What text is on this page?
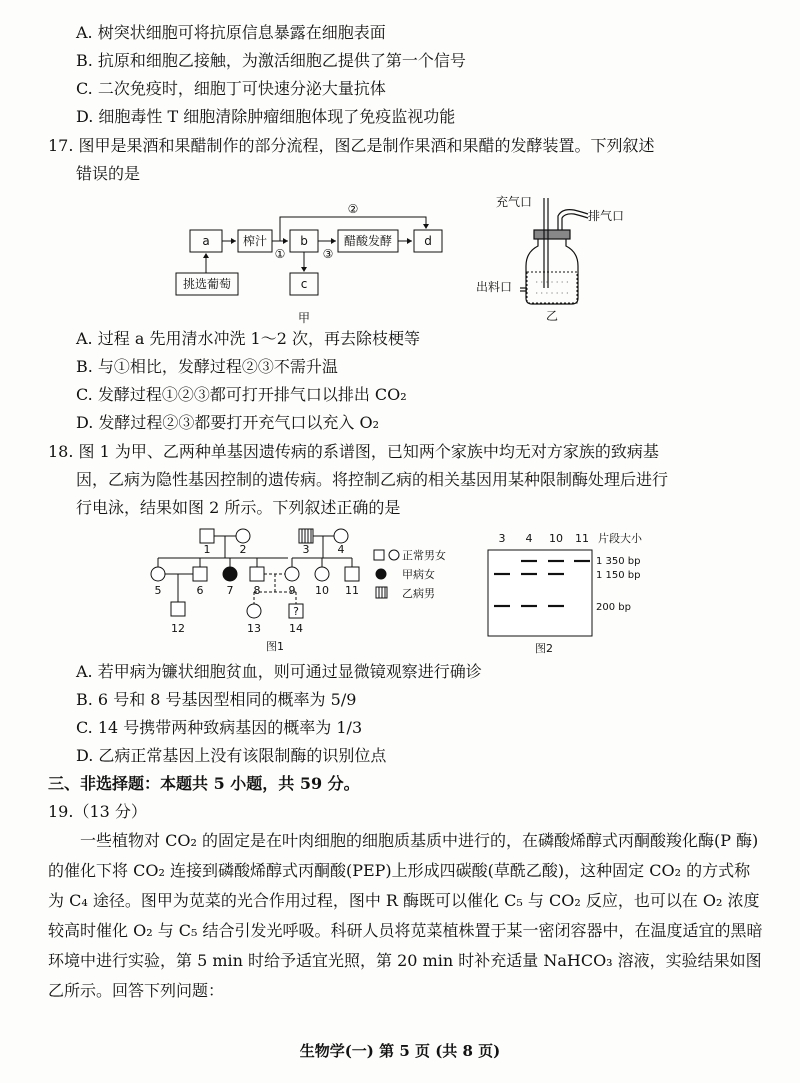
A. 树突状细胞可将抗原信息暴露在细胞表面
B. 抗原和细胞乙接触，为激活细胞乙提供了第一个信号
C. 二次免疫时，细胞丁可快速分泌大量抗体
D. 细胞毒性 T 细胞清除肿瘤细胞体现了免疫监视功能
17. 图甲是果酒和果醋制作的部分流程，图乙是制作果酒和果醋的发酵装置。下列叙述
错误的是
a	榨汁	b	醋酸发酵	d
挑选葡萄	c
②
①	③
甲
充气口
排气口
出料口
乙
· · · · · · ·
· · · · · · ·
A. 过程 a 先用清水冲洗 1～2 次，再去除枝梗等
B. 与①相比，发酵过程②③不需升温
C. 发酵过程①②③都可打开排气口以排出 CO₂
D. 发酵过程②③都要打开充气口以充入 O₂
18. 图 1 为甲、乙两种单基因遗传病的系谱图，已知两个家族中均无对方家族的致病基
因，乙病为隐性基因控制的遗传病。将控制乙病的相关基因用某种限制酶处理后进行
行电泳，结果如图 2 所示。下列叙述正确的是
?
1	2	3	4
5	6 7 8	9 10 11
12	13	14
图1
正常男女
甲病女
乙病男
3 4 10 11 片段大小
图2
1 350 bp
1 150 bp
200 bp
A. 若甲病为镰状细胞贫血，则可通过显微镜观察进行确诊
B. 6 号和 8 号基因型相同的概率为 5/9
C. 14 号携带两种致病基因的概率为 1/3
D. 乙病正常基因上没有该限制酶的识别位点
三、非选择题：本题共 5 小题，共 59 分。
19.（13 分）
一些植物对 CO₂ 的固定是在叶肉细胞的细胞质基质中进行的，在磷酸烯醇式丙酮酸羧化酶(P 酶)的催化下将 CO₂ 连接到磷酸烯醇式丙酮酸(PEP)上形成四碳酸(草酰乙酸)，这种固定 CO₂ 的方式称为 C₄ 途径。图甲为苋菜的光合作用过程，图中 R 酶既可以催化 C₅ 与 CO₂ 反应，也可以在 O₂ 浓度较高时催化 O₂ 与 C₅ 结合引发光呼吸。科研人员将苋菜植株置于某一密闭容器中，在温度适宜的黑暗环境中进行实验，第 5 min 时给予适宜光照，第 20 min 时补充适量 NaHCO₃ 溶液，实验结果如图乙所示。回答下列问题：
生物学(一) 第 5 页 (共 8 页)
